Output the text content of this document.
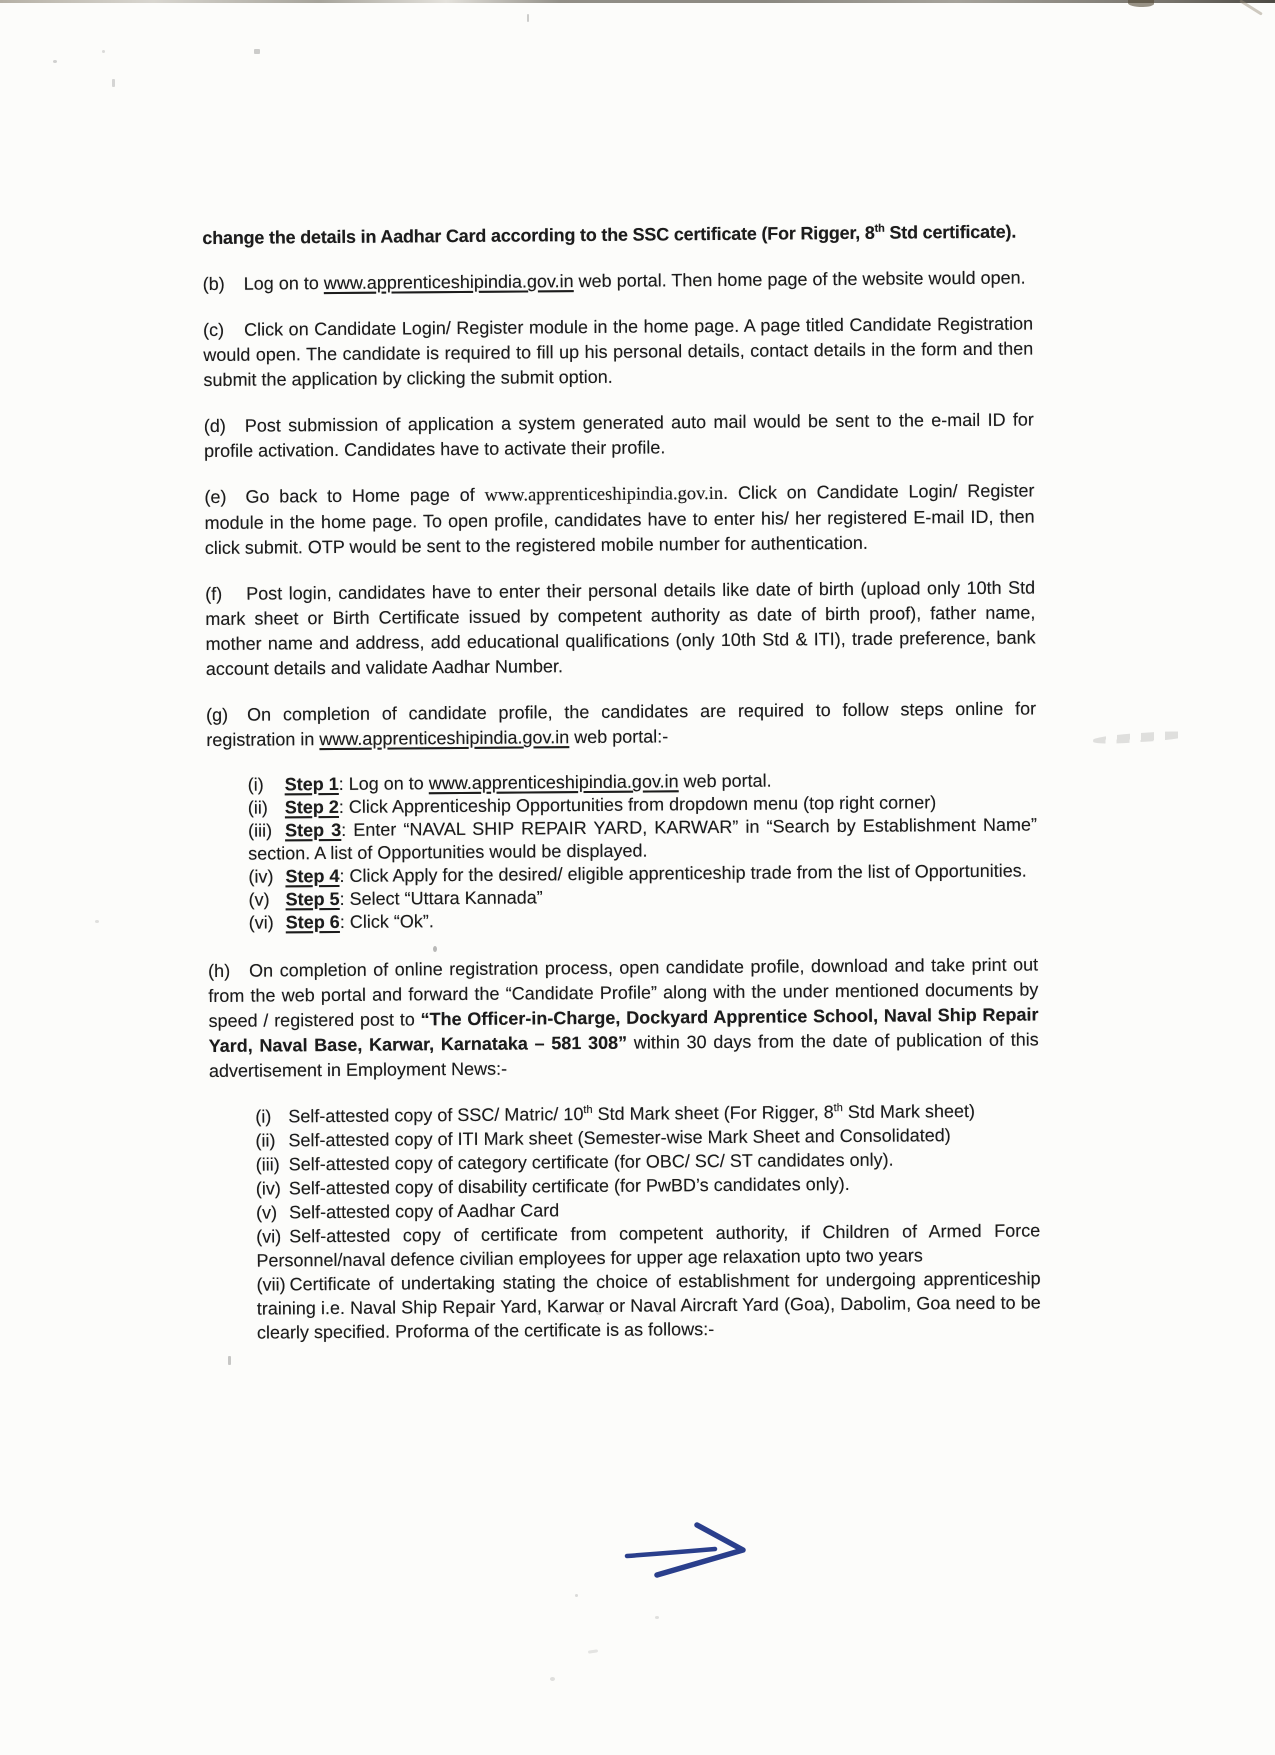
change the details in Aadhar Card according to the SSC certificate (For Rigger, 8th Std certificate).

(b) Log on to www.apprenticeshipindia.gov.in web portal. Then home page of the website would open.

(c) Click on Candidate Login/ Register module in the home page. A page titled Candidate Registration would open. The candidate is required to fill up his personal details, contact details in the form and then submit the application by clicking the submit option.

(d) Post submission of application a system generated auto mail would be sent to the e-mail ID for profile activation. Candidates have to activate their profile.

(e) Go back to Home page of www.apprenticeshipindia.gov.in. Click on Candidate Login/ Register module in the home page. To open profile, candidates have to enter his/ her registered E-mail ID, then click submit. OTP would be sent to the registered mobile number for authentication.

(f) Post login, candidates have to enter their personal details like date of birth (upload only 10th Std mark sheet or Birth Certificate issued by competent authority as date of birth proof), father name, mother name and address, add educational qualifications (only 10th Std & ITI), trade preference, bank account details and validate Aadhar Number.

(g) On completion of candidate profile, the candidates are required to follow steps online for registration in www.apprenticeshipindia.gov.in web portal:-

(i) Step 1: Log on to www.apprenticeshipindia.gov.in web portal.
(ii) Step 2: Click Apprenticeship Opportunities from dropdown menu (top right corner)
(iii) Step 3: Enter “NAVAL SHIP REPAIR YARD, KARWAR” in “Search by Establishment Name” section. A list of Opportunities would be displayed.
(iv) Step 4: Click Apply for the desired/ eligible apprenticeship trade from the list of Opportunities.
(v) Step 5: Select “Uttara Kannada”
(vi) Step 6: Click “Ok”.

(h) On completion of online registration process, open candidate profile, download and take print out from the web portal and forward the “Candidate Profile” along with the under mentioned documents by speed / registered post to “The Officer-in-Charge, Dockyard Apprentice School, Naval Ship Repair Yard, Naval Base, Karwar, Karnataka – 581 308” within 30 days from the date of publication of this advertisement in Employment News:-

(i) Self-attested copy of SSC/ Matric/ 10th Std Mark sheet (For Rigger, 8th Std Mark sheet)
(ii) Self-attested copy of ITI Mark sheet (Semester-wise Mark Sheet and Consolidated)
(iii) Self-attested copy of category certificate (for OBC/ SC/ ST candidates only).
(iv) Self-attested copy of disability certificate (for PwBD’s candidates only).
(v) Self-attested copy of Aadhar Card
(vi) Self-attested copy of certificate from competent authority, if Children of Armed Force Personnel/naval defence civilian employees for upper age relaxation upto two years
(vii) Certificate of undertaking stating the choice of establishment for undergoing apprenticeship training i.e. Naval Ship Repair Yard, Karwar or Naval Aircraft Yard (Goa), Dabolim, Goa need to be clearly specified. Proforma of the certificate is as follows:-
